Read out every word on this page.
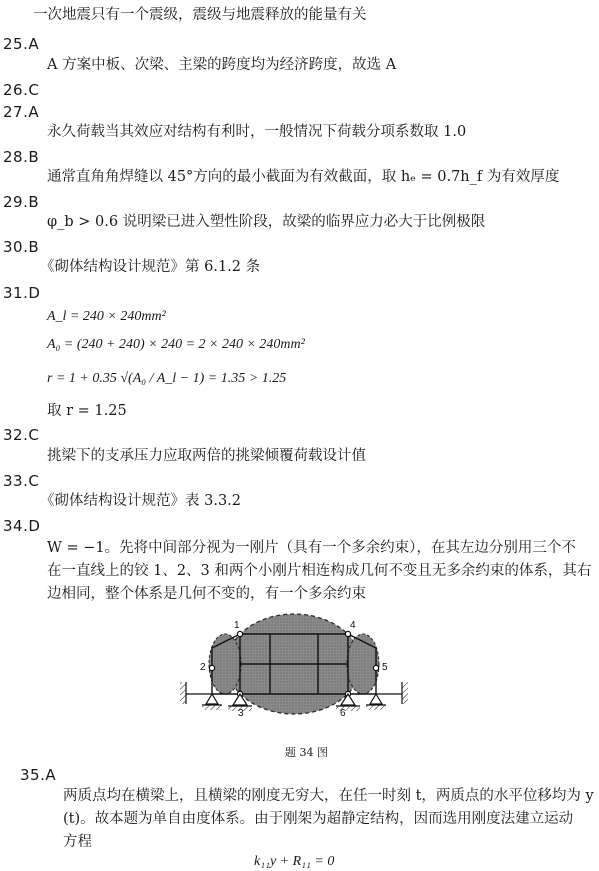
一次地震只有一个震级，震级与地震释放的能量有关
25.A
A 方案中板、次梁、主梁的跨度均为经济跨度，故选 A
26.C
27.A
永久荷载当其效应对结构有利时，一般情况下荷载分项系数取 1.0
28.B
通常直角角焊缝以 45°方向的最小截面为有效截面，取 hₑ = 0.7h_f 为有效厚度
29.B
φ_b > 0.6 说明梁已进入塑性阶段，故梁的临界应力必大于比例极限
30.B
《砌体结构设计规范》第 6.1.2 条
31.D
A_l = 240 × 240mm²
A₀ = (240 + 240) × 240 = 2 × 240 × 240mm²
r = 1 + 0.35 √(A₀ / A_l − 1) = 1.35 > 1.25
取 r = 1.25
32.C
挑梁下的支承压力应取两倍的挑梁倾覆荷载设计值
33.C
《砌体结构设计规范》表 3.3.2
34.D
W = −1。先将中间部分视为一刚片（具有一个多余约束），在其左边分别用三个不
在一直线上的铰 1、2、3 和两个小刚片相连构成几何不变且无多余约束的体系，其右
边相同，整个体系是几何不变的，有一个多余约束
1
2
3
4
5
6
题 34 图
35.A
两质点均在横梁上，且横梁的刚度无穷大，在任一时刻 t，两质点的水平位移均为 y
(t)。故本题为单自由度体系。由于刚架为超静定结构，因而选用刚度法建立运动
方程
k₁₁y + R₁₁ = 0
